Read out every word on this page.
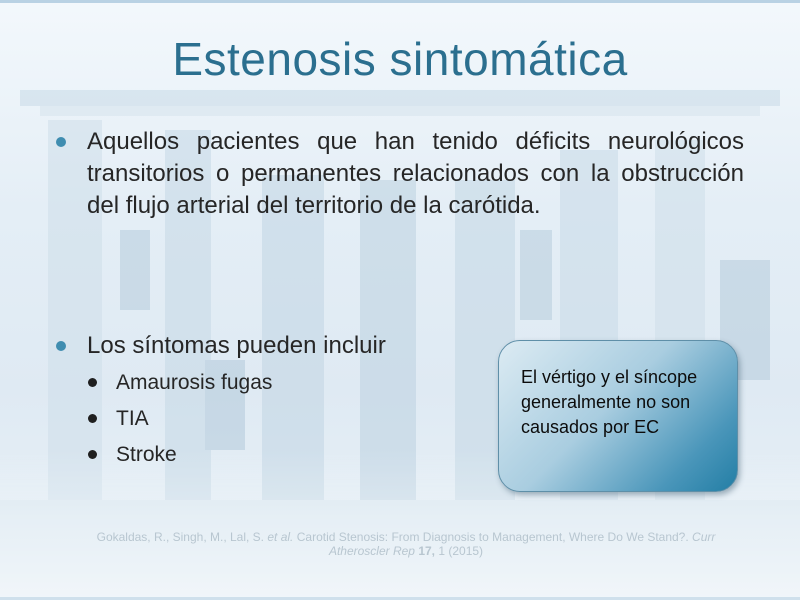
Estenosis sintomática
Aquellos pacientes que han tenido déficits neurológicos transitorios o permanentes relacionados con la obstrucción del flujo arterial del territorio de la carótida.
Los síntomas pueden incluir
Amaurosis fugas
TIA
Stroke
El vértigo y el síncope generalmente no son causados por EC
Gokaldas, R., Singh, M., Lal, S. et al. Carotid Stenosis: From Diagnosis to Management, Where Do We Stand?. Curr Atheroscler Rep 17, 1 (2015)
